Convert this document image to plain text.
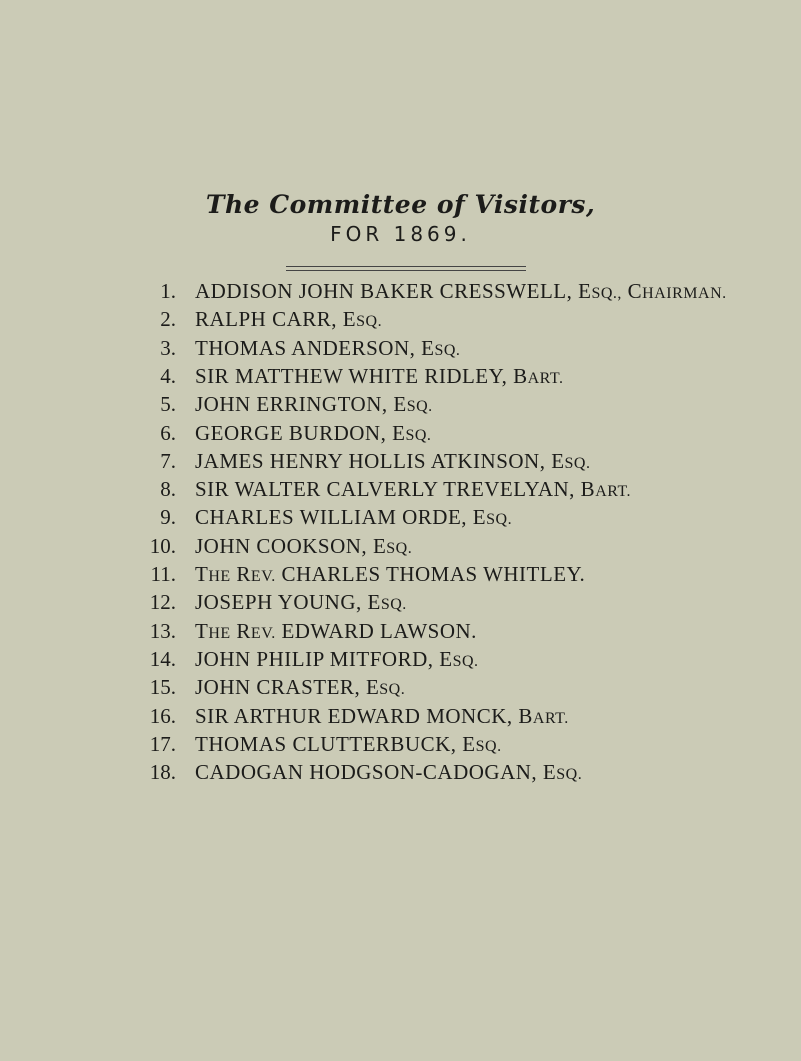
The Committee of Visitors,
FOR 1869.
1. ADDISON JOHN BAKER CRESSWELL, ESQ., CHAIRMAN.
2. RALPH CARR, ESQ.
3. THOMAS ANDERSON, ESQ.
4. SIR MATTHEW WHITE RIDLEY, BART.
5. JOHN ERRINGTON, ESQ.
6. GEORGE BURDON, ESQ.
7. JAMES HENRY HOLLIS ATKINSON, ESQ.
8. SIR WALTER CALVERLY TREVELYAN, BART.
9. CHARLES WILLIAM ORDE, ESQ.
10. JOHN COOKSON, ESQ.
11. THE REV. CHARLES THOMAS WHITLEY.
12. JOSEPH YOUNG, ESQ.
13. THE REV. EDWARD LAWSON.
14. JOHN PHILIP MITFORD, ESQ.
15. JOHN CRASTER, ESQ.
16. SIR ARTHUR EDWARD MONCK, BART.
17. THOMAS CLUTTERBUCK, ESQ.
18. CADOGAN HODGSON-CADOGAN, ESQ.
